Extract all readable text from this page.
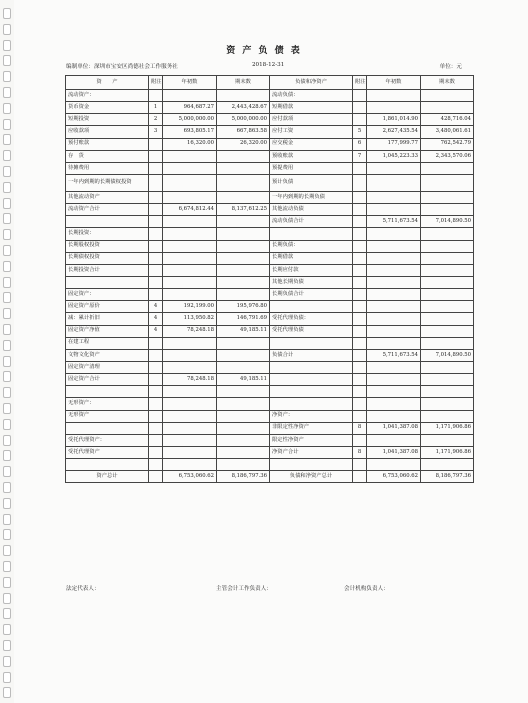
资 产 负 债 表
编制单位：深圳市宝安区尚德社会工作服务社	2018-12-31	单位：元
资　　产	附注	年初数	期末数	负债和净资产	附注	年初数	期末数
流动资产：				流动负债：			
货币资金	1	964,687.27	2,443,428.67	短期借款			
短期投资	2	5,000,000.00	5,000,000.00	应付款项		1,861,014.90	428,716.04
应收款项	3	693,805.17	667,863.58	应付工资	5	2,627,435.54	3,480,061.61
预付账款		16,320.00	26,320.00	应交税金	6	177,999.77	762,542.79
存　货				预收账款	7	1,045,223.33	2,343,570.06
待摊费用				预提费用			
一年内到期的长期债权投资				预计负债			
其他流动资产				一年内到期的长期负债			
流动资产合计		6,674,812.44	8,137,612.25	其他流动负债			
				流动负债合计		5,711,673.54	7,014,890.50
长期投资：							
长期股权投资				长期负债：			
长期债权投资				长期借款			
长期投资合计				长期应付款			
				其他长期负债			
固定资产：				长期负债合计			
固定资产原价	4	192,199.00	195,976.80				
减：累计折旧	4	113,950.82	146,791.69	受托代理负债：			
固定资产净值	4	78,248.18	49,185.11	受托代理负债			
在建工程							
文物文化资产				负债合计		5,711,673.54	7,014,890.50
固定资产清理							
固定资产合计		78,248.18	49,185.11				

无形资产：							
无形资产				净资产：			
				非限定性净资产	8	1,041,387.08	1,171,906.86
受托代理资产：				限定性净资产			
受托代理资产				净资产合计	8	1,041,387.08	1,171,906.86

资产总计		6,753,060.62	8,186,797.36	负债和净资产总计		6,753,060.62	8,186,797.36
法定代表人：	主管会计工作负责人：	会计机构负责人：
